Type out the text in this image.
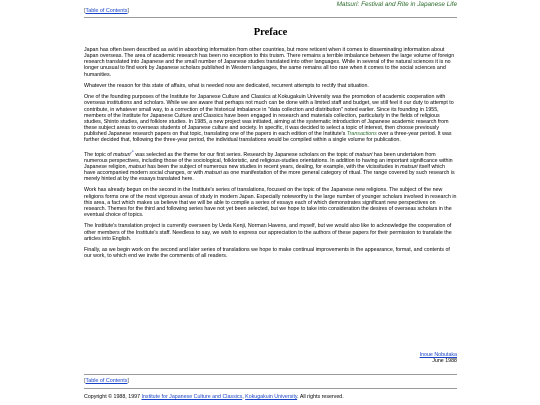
[Table of Contents]
Matsuri: Festival and Rite in Japanese Life
Preface

Japan has often been described as avid in absorbing information from other countries, but more reticent when it comes to disseminating information about Japan overseas. The area of academic research has been no exception to this truism. There remains a terrible imbalance between the large volume of foreign research translated into Japanese and the small number of Japanese studies translated into other languages. While in several of the natural sciences it is no longer unusual to find work by Japanese scholars published in Western languages, the same remains all too rare when it comes to the social sciences and humanities.

Whatever the reason for this state of affairs, what is needed now are dedicated, recurrent attempts to rectify that situation.

One of the founding purposes of the Institute for Japanese Culture and Classics at Kokugakuin University was the promotion of academic cooperation with overseas institutions and scholars. While we are aware that perhaps not much can be done with a limited staff and budget, we still feel it our duty to attempt to contribute, in whatever small way, to a correction of the historical imbalance in "data collection and distribution" noted earlier. Since its founding in 1955, members of the Institute for Japanese Culture and Classics have been engaged in research and materials collection, particularly in the fields of religious studies, Shinto studies, and folklore studies. In 1985, a new project was initiated, aiming at the systematic introduction of Japanese academic research from these subject areas to overseas students of Japanese culture and society. In specific, it was decided to select a topic of interest, then choose previously published Japanese research papers on that topic, translating one of the papers in each edition of the Institute's Transactions over a three-year period. It was further decided that, following the three-year period, the individual translations would be compiled within a single volume for publication.

The topic of matsuri↗ was selected as the theme for our first series. Research by Japanese scholars on the topic of matsuri has been undertaken from numerous perspectives, including those of the sociological, folkloristic, and religious-studies orientations. In addition to having an important significance within Japanese religion, matsuri has been the subject of numerous new studies in recent years, dealing, for example, with the vicissitudes in matsuri itself which have accompanied modern social changes, or with matsuri as one manifestation of the more general category of ritual. The range covered by such research is merely hinted at by the essays translated here.

Work has already begun on the second in the Institute's series of translations, focused on the topic of the Japanese new religions. The subject of the new religions forms one of the most vigorous areas of study in modern Japan. Especially noteworthy is the large number of younger scholars involved in research in this area, a fact which makes us believe that we will be able to compile a series of essays each of which demonstrates significant new perspectives on research. Themes for the third and following series have not yet been selected, but we hope to take into consideration the desires of overseas scholars in the eventual choice of topics.

The Institute's translation project is currently overseen by Ueda Kenji, Norman Havens, and myself, but we would also like to acknowledge the cooperation of other members of the Institute's staff. Needless to say, we wish to express our appreciation to the authors of these papers for their permission to translate the articles into English.

Finally, as we begin work on the second and later series of translations we hope to make continual improvements in the appearance, format, and contents of our work, to which end we invite the comments of all readers.

Inoue Nobutaka
June 1988
[Table of Contents]
Copyright © 1988, 1997 Institute for Japanese Culture and Classics, Kokugakuin University. All rights reserved.
